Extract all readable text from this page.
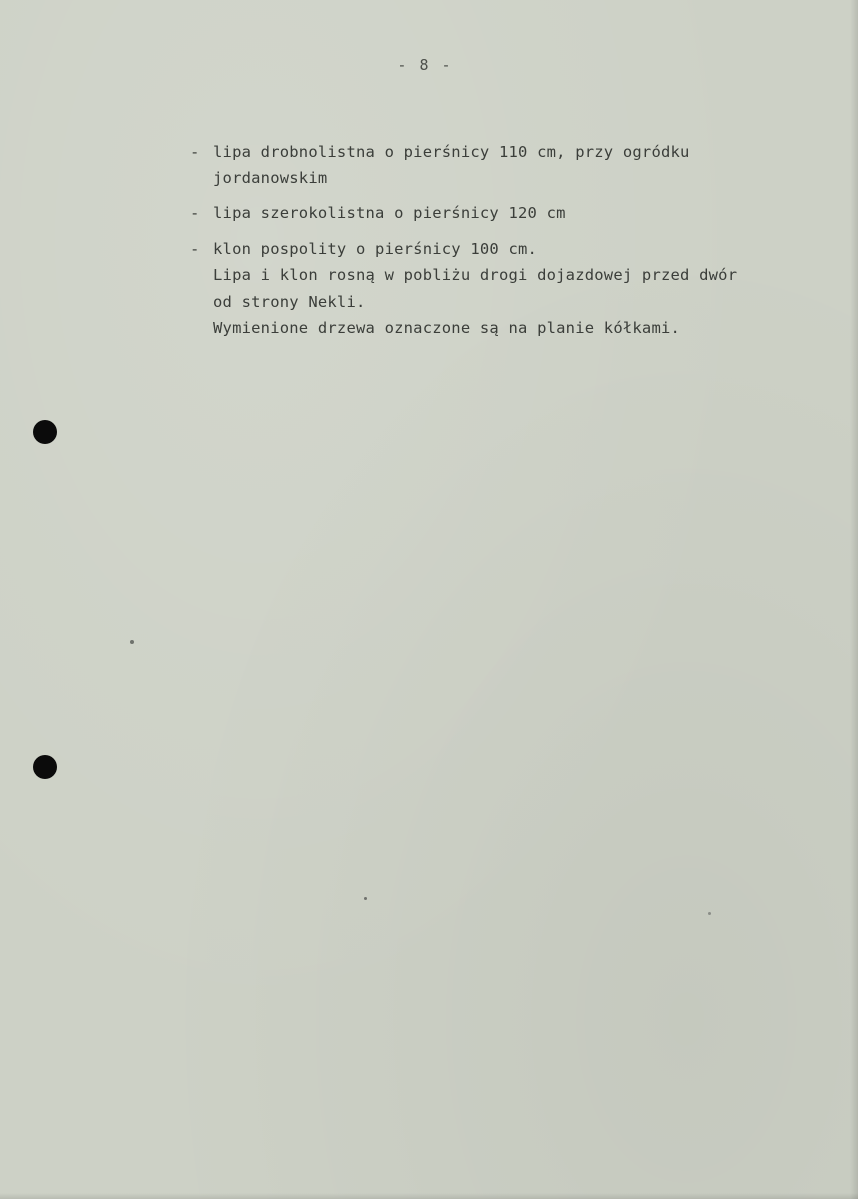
- 8 -
- lipa drobnolistna o pierśnicy 110 cm, przy ogródku
jordanowskim
- lipa szerokolistna o pierśnicy 120 cm
- klon pospolity o pierśnicy 100 cm.
Lipa i klon rosną w pobliżu drogi dojazdowej przed dwór
od strony Nekli.
Wymienione drzewa oznaczone są na planie kółkami.
